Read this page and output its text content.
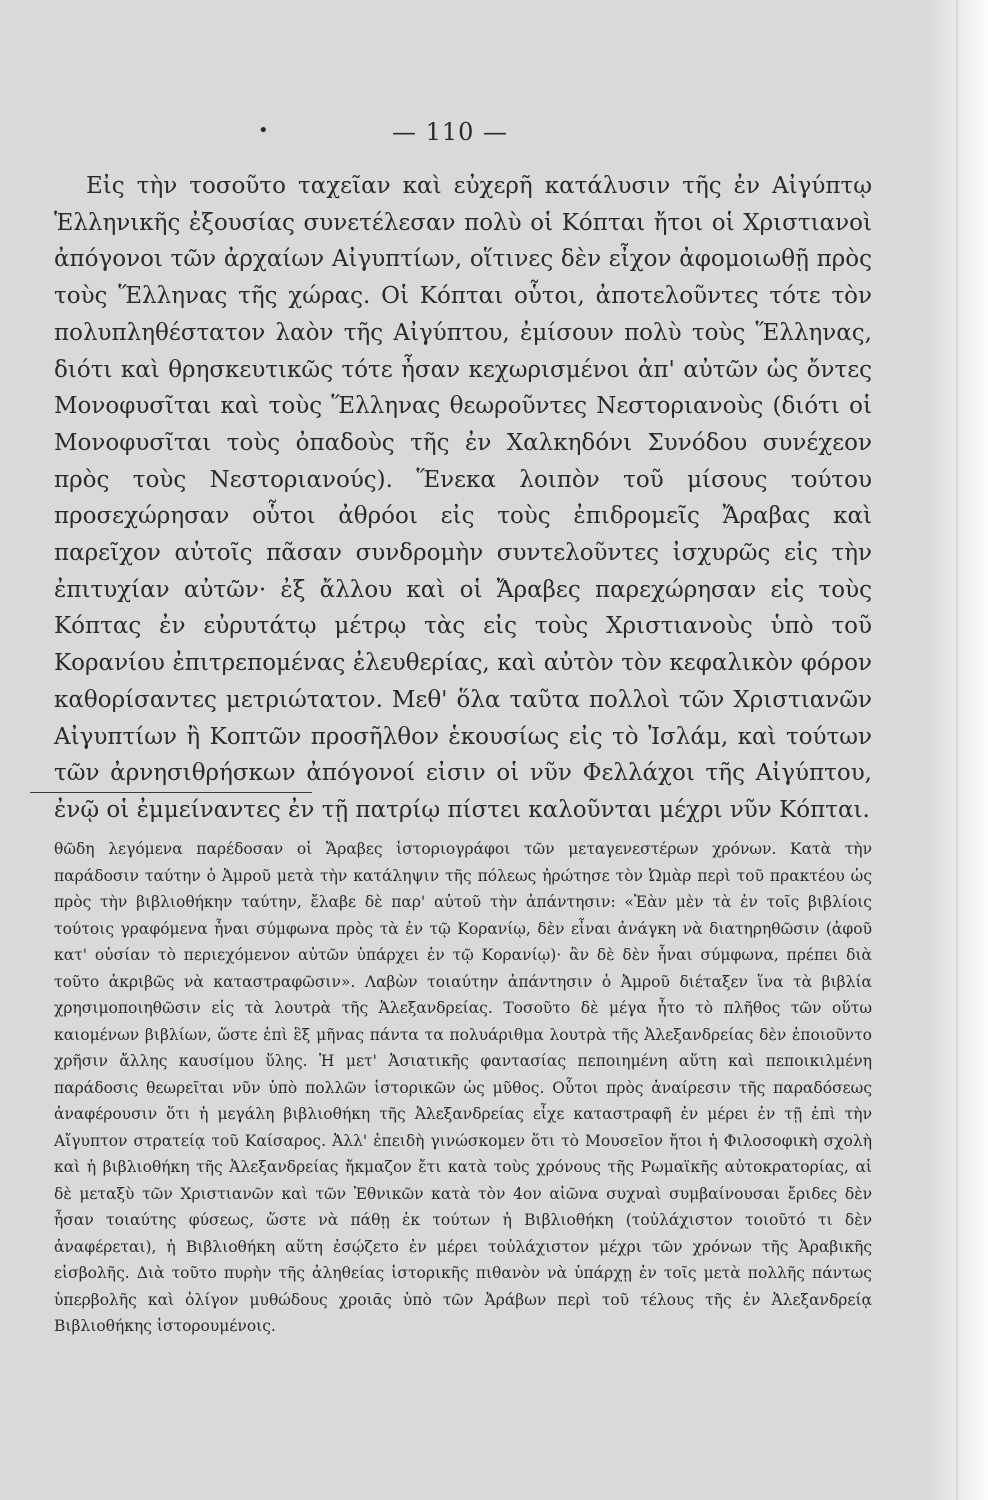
•	— 110 —

Εἰς τὴν τοσοῦτο ταχεῖαν καὶ εὐχερῆ κατάλυσιν τῆς ἐν Αἰγύπτῳ Ἑλληνικῆς ἐξουσίας συνετέλεσαν πολὺ οἱ Κόπται ἤτοι οἱ Χριστιανοὶ ἀπόγονοι τῶν ἀρχαίων Αἰγυπτίων, οἵτινες δὲν εἶχον ἀφομοιωθῇ πρὸς τοὺς Ἕλληνας τῆς χώρας. Οἱ Κόπται οὗτοι, ἀποτελοῦντες τότε τὸν πολυπληθέστατον λαὸν τῆς Αἰγύπτου, ἐμίσουν πολὺ τοὺς Ἕλληνας, διότι καὶ θρησκευτικῶς τότε ἦσαν κεχωρισμένοι ἀπ' αὐτῶν ὡς ὄντες Μονοφυσῖται καὶ τοὺς Ἕλληνας θεωροῦντες Νεστοριανοὺς (διότι οἱ Μονοφυσῖται τοὺς ὀπαδοὺς τῆς ἐν Χαλκηδόνι Συνόδου συνέχεον πρὸς τοὺς Νεστοριανούς). Ἕνεκα λοιπὸν τοῦ μίσους τούτου προσεχώρησαν οὗτοι ἀθρόοι εἰς τοὺς ἐπιδρομεῖς Ἄραβας καὶ παρεῖχον αὐτοῖς πᾶσαν συνδρομὴν συντελοῦντες ἰσχυρῶς εἰς τὴν ἐπιτυχίαν αὐτῶν· ἐξ ἄλλου καὶ οἱ Ἄραβες παρεχώρησαν εἰς τοὺς Κόπτας ἐν εὐρυτάτῳ μέτρῳ τὰς εἰς τοὺς Χριστιανοὺς ὑπὸ τοῦ Κορανίου ἐπιτρεπομένας ἐλευθερίας, καὶ αὐτὸν τὸν κεφαλικὸν φόρον καθορίσαντες μετριώτατον. Μεθ' ὅλα ταῦτα πολλοὶ τῶν Χριστιανῶν Αἰγυπτίων ἢ Κοπτῶν προσῆλθον ἑκουσίως εἰς τὸ Ἰσλάμ, καὶ τούτων τῶν ἀρνησιθρήσκων ἀπόγονοί εἰσιν οἱ νῦν Φελλάχοι τῆς Αἰγύπτου, ἐνῷ οἱ ἐμμείναντες ἐν τῇ πατρίῳ πίστει καλοῦνται μέχρι νῦν Κόπται.

θῶδη λεγόμενα παρέδοσαν οἱ Ἄραβες ἱστοριογράφοι τῶν μεταγενεστέρων χρόνων. Κατὰ τὴν παράδοσιν ταύτην ὁ Ἀμροῦ μετὰ τὴν κατάληψιν τῆς πόλεως ἠρώτησε τὸν Ὠμὰρ περὶ τοῦ πρακτέου ὡς πρὸς τὴν βιβλιοθήκην ταύτην, ἔλαβε δὲ παρ' αὐτοῦ τὴν ἀπάντησιν: «Ἐὰν μὲν τὰ ἐν τοῖς βιβλίοις τούτοις γραφόμενα ἦναι σύμφωνα πρὸς τὰ ἐν τῷ Κορανίῳ, δὲν εἶναι ἀνάγκη νὰ διατηρηθῶσιν (ἀφοῦ κατ' οὐσίαν τὸ περιεχόμενον αὐτῶν ὑπάρχει ἐν τῷ Κορανίῳ)· ἂν δὲ δὲν ἦναι σύμφωνα, πρέπει διὰ τοῦτο ἀκριβῶς νὰ καταστραφῶσιν». Λαβὼν τοιαύτην ἀπάντησιν ὁ Ἀμροῦ διέταξεν ἵνα τὰ βιβλία χρησιμοποιηθῶσιν εἰς τὰ λουτρὰ τῆς Ἀλεξανδρείας. Τοσοῦτο δὲ μέγα ἦτο τὸ πλῆθος τῶν οὕτω καιομένων βιβλίων, ὥστε ἐπὶ ἓξ μῆνας πάντα τα πολυάριθμα λουτρὰ τῆς Ἀλεξανδρείας δὲν ἐποιοῦντο χρῆσιν ἄλλης καυσίμου ὕλης. Ἡ μετ' Ἀσιατικῆς φαντασίας πεποιημένη αὕτη καὶ πεποικιλμένη παράδοσις θεωρεῖται νῦν ὑπὸ πολλῶν ἱστορικῶν ὡς μῦθος. Οὗτοι πρὸς ἀναίρεσιν τῆς παραδόσεως ἀναφέρουσιν ὅτι ἡ μεγάλη βιβλιοθήκη τῆς Ἀλεξανδρείας εἶχε καταστραφῆ ἐν μέρει ἐν τῇ ἐπὶ τὴν Αἴγυπτον στρατείᾳ τοῦ Καίσαρος. Ἀλλ' ἐπειδὴ γινώσκομεν ὅτι τὸ Μουσεῖον ἤτοι ἡ Φιλοσοφικὴ σχολὴ καὶ ἡ βιβλιοθήκη τῆς Ἀλεξανδρείας ἤκμαζον ἔτι κατὰ τοὺς χρόνους τῆς Ρωμαϊκῆς αὐτοκρατορίας, αἱ δὲ μεταξὺ τῶν Χριστιανῶν καὶ τῶν Ἐθνικῶν κατὰ τὸν 4ον αἰῶνα συχναὶ συμβαίνουσαι ἔριδες δὲν ἦσαν τοιαύτης φύσεως, ὥστε νὰ πάθῃ ἐκ τούτων ἡ Βιβλιοθήκη (τοὐλάχιστον τοιοῦτό τι δὲν ἀναφέρεται), ἡ Βιβλιοθήκη αὕτη ἐσῴζετο ἐν μέρει τοὐλάχιστον μέχρι τῶν χρόνων τῆς Ἀραβικῆς εἰσβολῆς. Διὰ τοῦτο πυρὴν τῆς ἀληθείας ἱστορικῆς πιθανὸν νὰ ὑπάρχῃ ἐν τοῖς μετὰ πολλῆς πάντως ὑπερβολῆς καὶ ὀλίγον μυθώδους χροιᾶς ὑπὸ τῶν Ἀράβων περὶ τοῦ τέλους τῆς ἐν Ἀλεξανδρείᾳ Βιβλιοθήκης ἱστορουμένοις.
